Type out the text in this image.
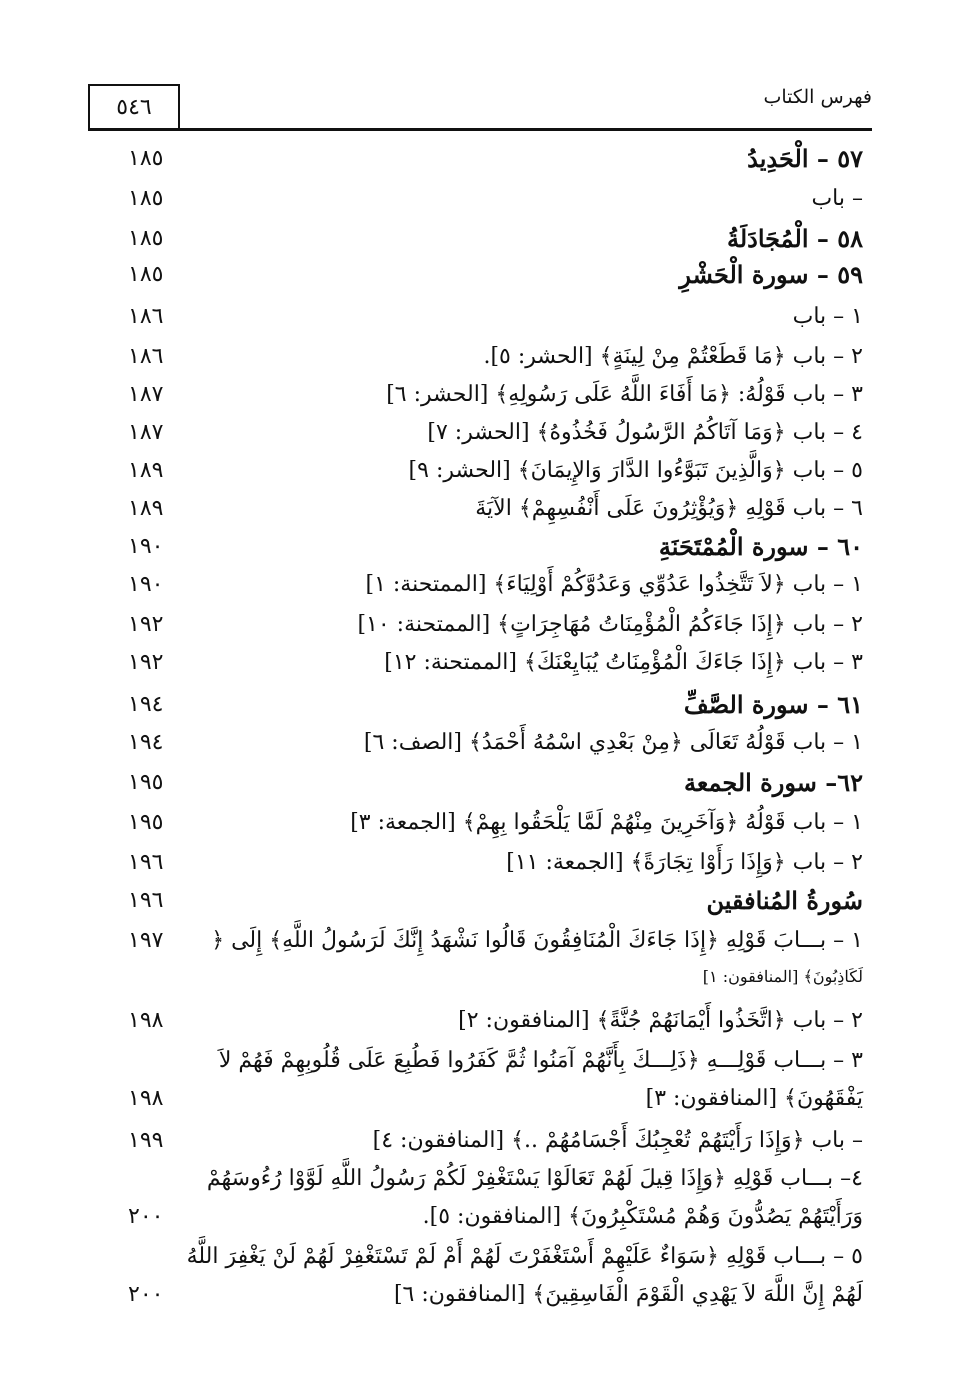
٥٤٦	فهرس الكتاب
٥٧ – الْحَدِيدُ
١٨٥
– باب
١٨٥
٥٨ – الْمُجَادَلَةُ
١٨٥
٥٩ – سورة الْحَشْرِ
١٨٥
١ – باب
١٨٦
٢ – باب ﴿مَا قَطَعْتُمْ مِنْ لِينَةٍ﴾ [الحشر: ٥].
١٨٦
٣ – باب قَوْلُهُ: ﴿مَا أَفَاءَ اللَّهُ عَلَى رَسُولِهِ﴾ [الحشر: ٦]
١٨٧
٤ – باب ﴿وَمَا آتَاكُمُ الرَّسُولُ فَخُذُوهُ﴾ [الحشر: ٧]
١٨٧
٥ – باب ﴿وَالَّذِينَ تَبَوَّءُوا الدَّارَ وَالإِيمَانَ﴾ [الحشر: ٩]
١٨٩
٦ – باب قَوْلِهِ ﴿وَيُؤْثِرُونَ عَلَى أَنْفُسِهِمْ﴾ الآيَةَ
١٨٩
٦٠ – سورة الْمُمْتَحَنَةِ
١٩٠
١ – باب ﴿لاَ تَتَّخِذُوا عَدُوِّي وَعَدُوَّكُمْ أَوْلِيَاءَ﴾ [الممتحنة: ١]
١٩٠
٢ – باب ﴿إِذَا جَاءَكُمُ الْمُؤْمِنَاتُ مُهَاجِرَاتٍ﴾ [الممتحنة: ١٠]
١٩٢
٣ – باب ﴿إِذَا جَاءَكَ الْمُؤْمِنَاتُ يُبَايِعْنَكَ﴾ [الممتحنة: ١٢]
١٩٢
٦١ – سورة الصَّفِّ
١٩٤
١ – باب قَوْلُهُ تَعَالَى ﴿مِنْ بَعْدِي اسْمُهُ أَحْمَدُ﴾ [الصف: ٦]
١٩٤
٦٢– سورة الجمعة
١٩٥
١ – باب قَوْلُهُ ﴿وَآخَرِينَ مِنْهُمْ لَمَّا يَلْحَقُوا بِهِمْ﴾ [الجمعة: ٣]
١٩٥
٢ – باب ﴿وَإِذَا رَأَوْا تِجَارَةً﴾ [الجمعة: ١١]
١٩٦
سُورةُ المُنافقين
١٩٦
١ – بـــابَ قَوْلِهِ ﴿إِذَا جَاءَكَ الْمُنَافِقُونَ قَالُوا نَشْهَدُ إِنَّكَ لَرَسُولُ اللَّهِ﴾ إِلَى ﴿
١٩٧
لَكَاذِبُونَ﴾ [المنافقون: ١]
٢ – باب ﴿اتَّخَذُوا أَيْمَانَهُمْ جُنَّةً﴾ [المنافقون: ٢]
١٩٨
٣ – بـــاب قَوْلِـــهِ ﴿ذَلِـــكَ بِأَنَّهُمْ آمَنُوا ثُمَّ كَفَرُوا فَطُبِعَ عَلَى قُلُوبِهِمْ فَهُمْ لاَ
يَفْقَهُونَ﴾ [المنافقون: ٣]
١٩٨
– باب ﴿وَإِذَا رَأَيْتَهُمْ تُعْجِبُكَ أَجْسَامُهُمْ ..﴾ [المنافقون: ٤]
١٩٩
٤– بـــاب قَوْلِهِ ﴿وَإِذَا قِيلَ لَهُمْ تَعَالَوْا يَسْتَغْفِرْ لَكُمْ رَسُولُ اللَّهِ لَوَّوْا رُءُوسَهُمْ
وَرَأَيْتَهُمْ يَصُدُّونَ وَهُمْ مُسْتَكْبِرُونَ﴾ [المنافقون: ٥].
٢٠٠
٥ – بـــاب قَوْلِهِ ﴿سَوَاءٌ عَلَيْهِمْ أَسْتَغْفَرْتَ لَهُمْ أَمْ لَمْ تَسْتَغْفِرْ لَهُمْ لَنْ يَغْفِرَ اللَّهُ
لَهُمْ إِنَّ اللَّهَ لاَ يَهْدِي الْقَوْمَ الْفَاسِقِينَ﴾ [المنافقون: ٦]
٢٠٠
